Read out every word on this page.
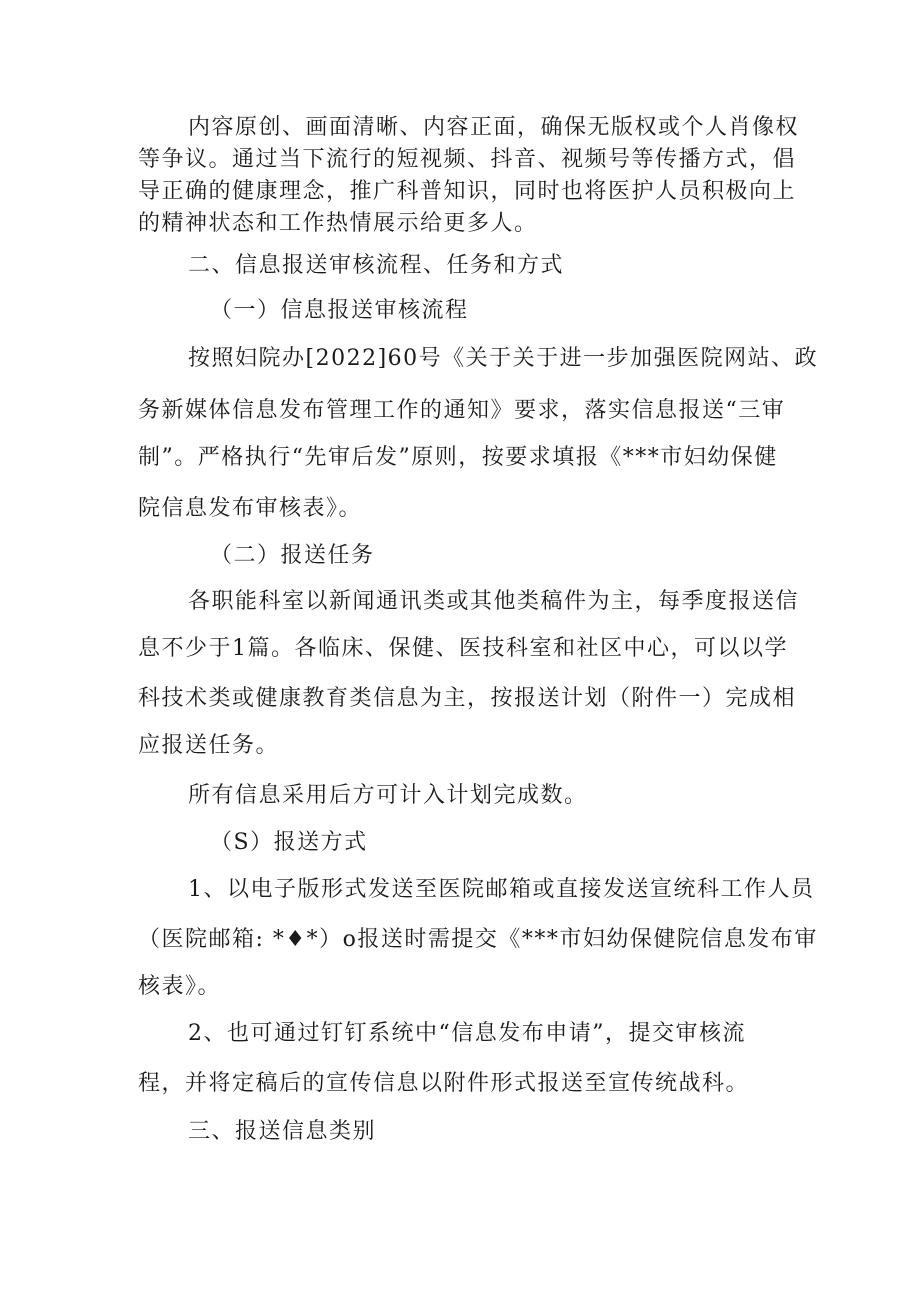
内容原创、画面清晰、内容正面，确保无版权或个人肖像权
等争议。通过当下流行的短视频、抖音、视频号等传播方式，倡
导正确的健康理念，推广科普知识，同时也将医护人员积极向上
的精神状态和工作热情展示给更多人。
二、信息报送审核流程、任务和方式
（一）信息报送审核流程
按照妇院办[2022]60号《关于关于进一步加强医院网站、政
务新媒体信息发布管理工作的通知》要求，落实信息报送“三审
制”。严格执行“先审后发”原则，按要求填报《***市妇幼保健
院信息发布审核表》。
（二）报送任务
各职能科室以新闻通讯类或其他类稿件为主，每季度报送信
息不少于1篇。各临床、保健、医技科室和社区中心，可以以学
科技术类或健康教育类信息为主，按报送计划（附件一）完成相
应报送任务。
所有信息采用后方可计入计划完成数。
（S）报送方式
1、以电子版形式发送至医院邮箱或直接发送宣统科工作人员
（医院邮箱: *♦*）o报送时需提交《***市妇幼保健院信息发布审
核表》。
2、也可通过钉钉系统中“信息发布申请”，提交审核流
程，并将定稿后的宣传信息以附件形式报送至宣传统战科。
三、报送信息类别
